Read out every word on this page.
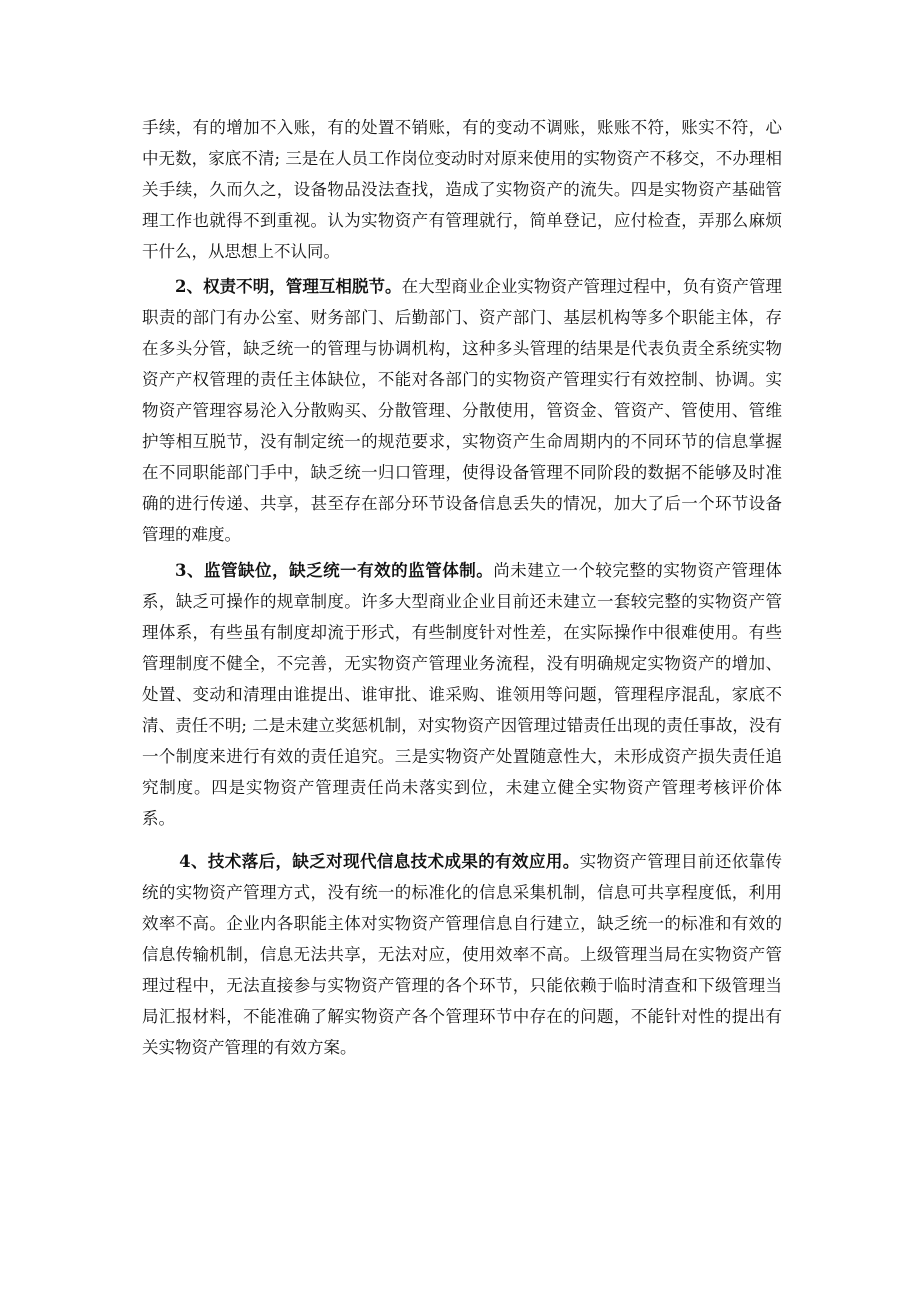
手续，有的增加不入账，有的处置不销账，有的变动不调账，账账不符，账实不符，心中无数，家底不清; 三是在人员工作岗位变动时对原来使用的实物资产不移交，不办理相关手续，久而久之，设备物品没法查找，造成了实物资产的流失。四是实物资产基础管理工作也就得不到重视。认为实物资产有管理就行，简单登记，应付检查，弄那么麻烦干什么，从思想上不认同。

2、权责不明，管理互相脱节。在大型商业企业实物资产管理过程中，负有资产管理职责的部门有办公室、财务部门、后勤部门、资产部门、基层机构等多个职能主体，存在多头分管，缺乏统一的管理与协调机构，这种多头管理的结果是代表负责全系统实物资产产权管理的责任主体缺位，不能对各部门的实物资产管理实行有效控制、协调。实物资产管理容易沦入分散购买、分散管理、分散使用，管资金、管资产、管使用、管维护等相互脱节，没有制定统一的规范要求，实物资产生命周期内的不同环节的信息掌握在不同职能部门手中，缺乏统一归口管理，使得设备管理不同阶段的数据不能够及时准确的进行传递、共享，甚至存在部分环节设备信息丢失的情况，加大了后一个环节设备管理的难度。

3、监管缺位，缺乏统一有效的监管体制。尚未建立一个较完整的实物资产管理体系，缺乏可操作的规章制度。许多大型商业企业目前还未建立一套较完整的实物资产管理体系，有些虽有制度却流于形式，有些制度针对性差，在实际操作中很难使用。有些管理制度不健全，不完善，无实物资产管理业务流程，没有明确规定实物资产的增加、处置、变动和清理由谁提出、谁审批、谁采购、谁领用等问题，管理程序混乱，家底不清、责任不明; 二是未建立奖惩机制，对实物资产因管理过错责任出现的责任事故，没有一个制度来进行有效的责任追究。三是实物资产处置随意性大，未形成资产损失责任追究制度。四是实物资产管理责任尚未落实到位，未建立健全实物资产管理考核评价体系。

4、技术落后，缺乏对现代信息技术成果的有效应用。实物资产管理目前还依靠传统的实物资产管理方式，没有统一的标准化的信息采集机制，信息可共享程度低，利用效率不高。企业内各职能主体对实物资产管理信息自行建立，缺乏统一的标准和有效的信息传输机制，信息无法共享，无法对应，使用效率不高。上级管理当局在实物资产管理过程中，无法直接参与实物资产管理的各个环节，只能依赖于临时清查和下级管理当局汇报材料，不能准确了解实物资产各个管理环节中存在的问题，不能针对性的提出有关实物资产管理的有效方案。
